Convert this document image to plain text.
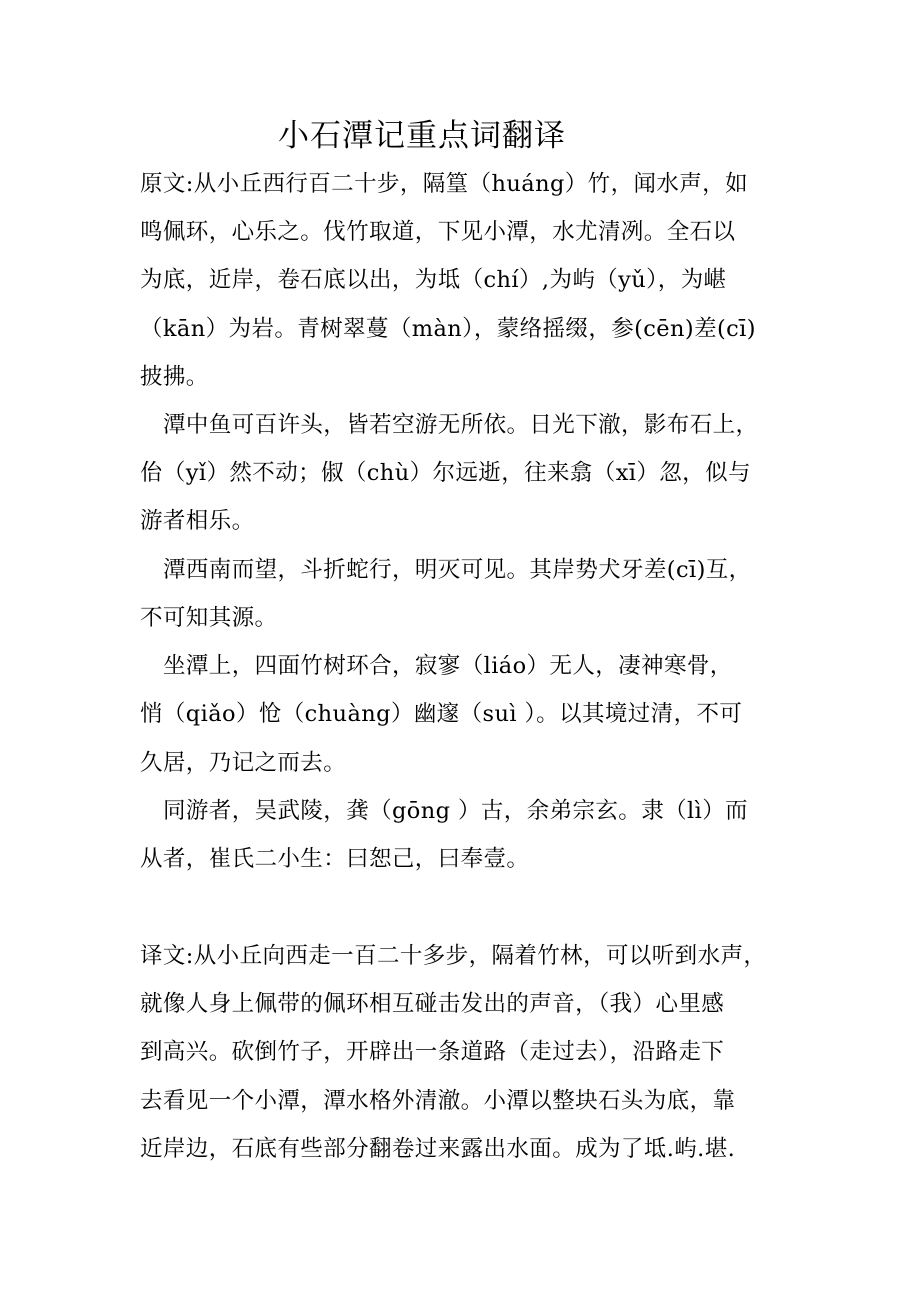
小石潭记重点词翻译
原文:从小丘西行百二十步，隔篁（huáng）竹，闻水声，如
鸣佩环，心乐之。伐竹取道，下见小潭，水尤清冽。全石以
为底，近岸，卷石底以出，为坻（chí）,为屿（yǔ），为嵁
（kān）为岩。青树翠蔓（màn），蒙络摇缀，参(cēn)差(cī)
披拂。
潭中鱼可百许头，皆若空游无所依。日光下澈，影布石上，
佁（yǐ）然不动；俶（chù）尔远逝，往来翕（xī）忽，似与
游者相乐。
潭西南而望，斗折蛇行，明灭可见。其岸势犬牙差(cī)互，
不可知其源。
坐潭上，四面竹树环合，寂寥（liáo）无人，凄神寒骨，
悄（qiǎo）怆（chuàng）幽邃（suì ）。以其境过清，不可
久居，乃记之而去。
同游者，吴武陵，龚（gōng ）古，余弟宗玄。隶（lì）而
从者，崔氏二小生：曰恕己，曰奉壹。
译文:从小丘向西走一百二十多步，隔着竹林，可以听到水声，
就像人身上佩带的佩环相互碰击发出的声音，（我）心里感
到高兴。砍倒竹子，开辟出一条道路（走过去），沿路走下
去看见一个小潭，潭水格外清澈。小潭以整块石头为底，靠
近岸边，石底有些部分翻卷过来露出水面。成为了坻.屿.堪.
